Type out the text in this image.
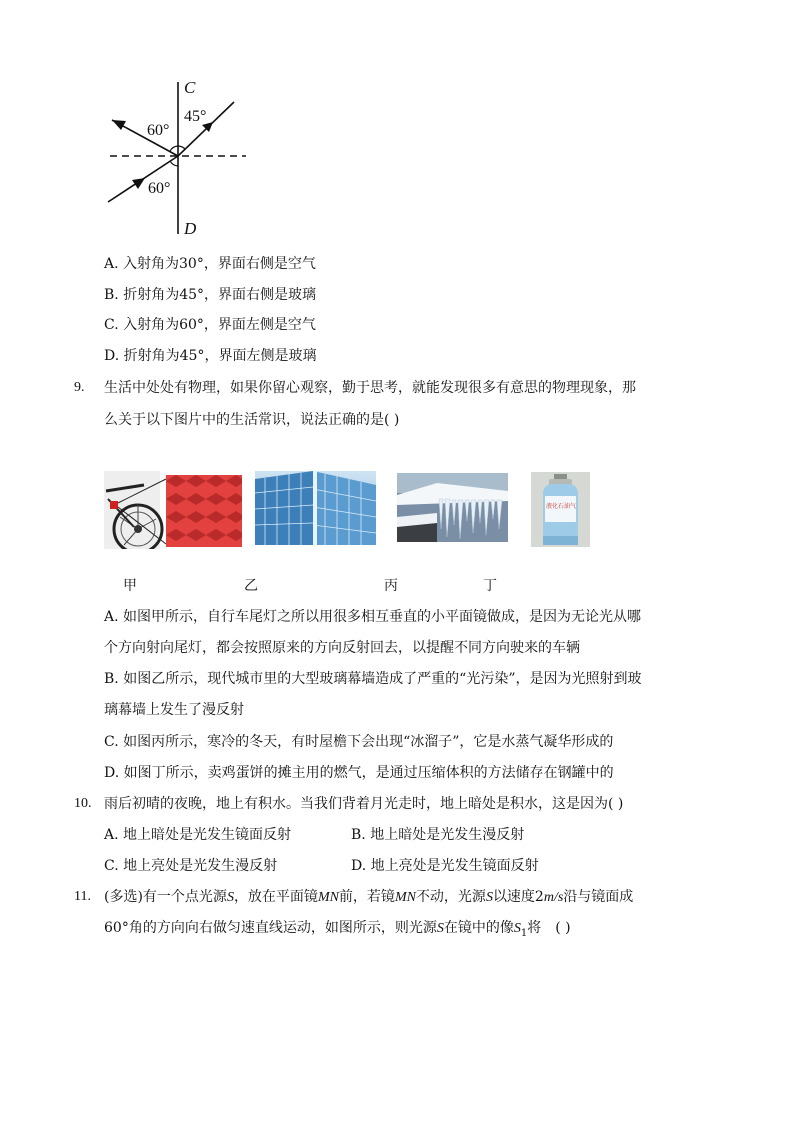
C
D
60°
45°
60°
A. 入射角为30°，界面右侧是空气
B. 折射角为45°，界面右侧是玻璃
C. 入射角为60°，界面左侧是空气
D. 折射角为45°，界面左侧是玻璃
9. 生活中处处有物理，如果你留心观察，勤于思考，就能发现很多有意思的物理现象，那
么关于以下图片中的生活常识，说法正确的是( )
液化石油气
甲	乙	丙	丁
A. 如图甲所示，自行车尾灯之所以用很多相互垂直的小平面镜做成，是因为无论光从哪
个方向射向尾灯，都会按照原来的方向反射回去，以提醒不同方向驶来的车辆
B. 如图乙所示，现代城市里的大型玻璃幕墙造成了严重的“光污染”，是因为光照射到玻
璃幕墙上发生了漫反射
C. 如图丙所示，寒冷的冬天，有时屋檐下会出现“冰溜子”，它是水蒸气凝华形成的
D. 如图丁所示，卖鸡蛋饼的摊主用的燃气，是通过压缩体积的方法储存在钢罐中的
10. 雨后初晴的夜晚，地上有积水。当我们背着月光走时，地上暗处是积水，这是因为( )
A. 地上暗处是光发生镜面反射	B. 地上暗处是光发生漫反射
C. 地上亮处是光发生漫反射	D. 地上亮处是光发生镜面反射
11. (多选)有一个点光源S，放在平面镜MN前，若镜MN不动，光源S以速度2m/s沿与镜面成
60°角的方向向右做匀速直线运动，如图所示，则光源S在镜中的像$S_1$将　( )
